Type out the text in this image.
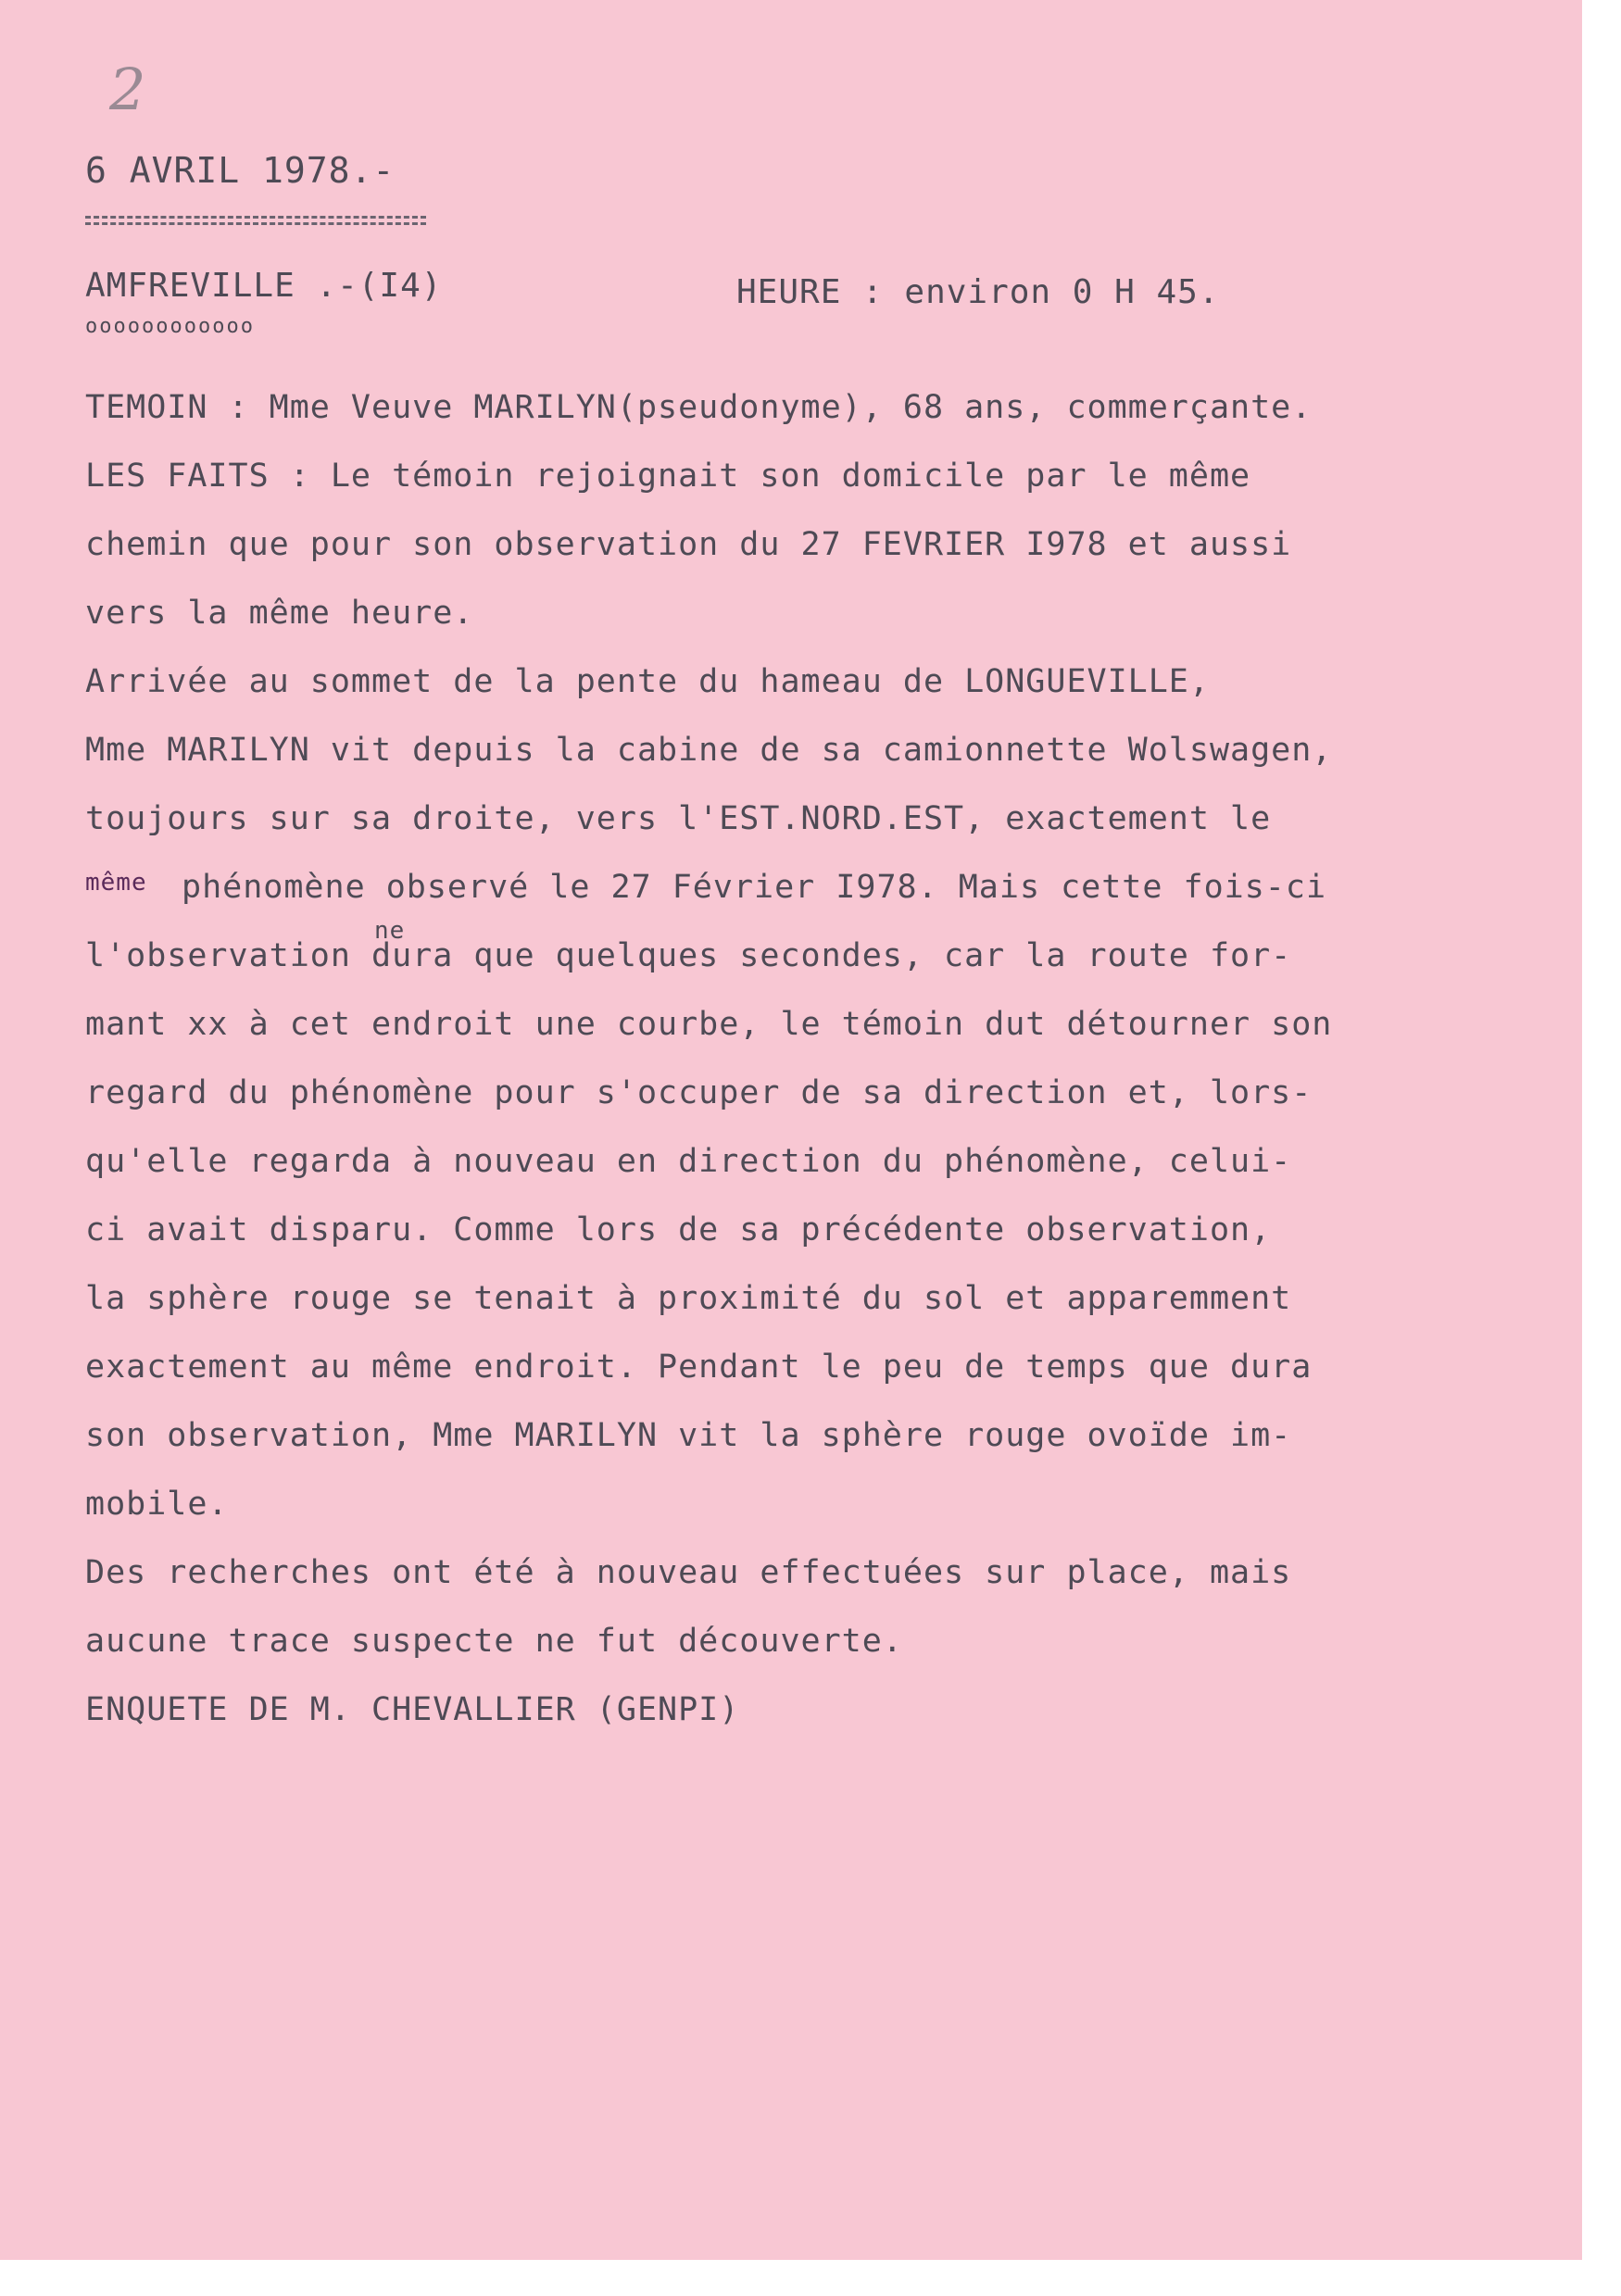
2
6 AVRIL 1978.-
AMFREVILLE .-(I4)
oooooooooooo
HEURE : environ 0 H 45.
TEMOIN : Mme Veuve MARILYN(pseudonyme), 68 ans, commerçante.
LES FAITS : Le témoin rejoignait son domicile par le même
chemin que pour son observation du 27 FEVRIER I978 et aussi
vers la même heure.
Arrivée au sommet de la pente du hameau de LONGUEVILLE,
Mme MARILYN vit depuis la cabine de sa camionnette Wolswagen,
toujours sur sa droite, vers l'EST.NORD.EST, exactement le
même	phénomène observé le 27 Février I978. Mais cette fois-ci
ne
l'observation dura que quelques secondes, car la route for-
mant xx à cet endroit une courbe, le témoin dut détourner son
regard du phénomène pour s'occuper de sa direction et, lors-
qu'elle regarda à nouveau en direction du phénomène, celui-
ci avait disparu. Comme lors de sa précédente observation,
la sphère rouge se tenait à proximité du sol et apparemment
exactement au même endroit. Pendant le peu de temps que dura
son observation, Mme MARILYN vit la sphère rouge ovoïde im-
mobile.
Des recherches ont été à nouveau effectuées sur place, mais
aucune trace suspecte ne fut découverte.
ENQUETE DE M. CHEVALLIER (GENPI)
